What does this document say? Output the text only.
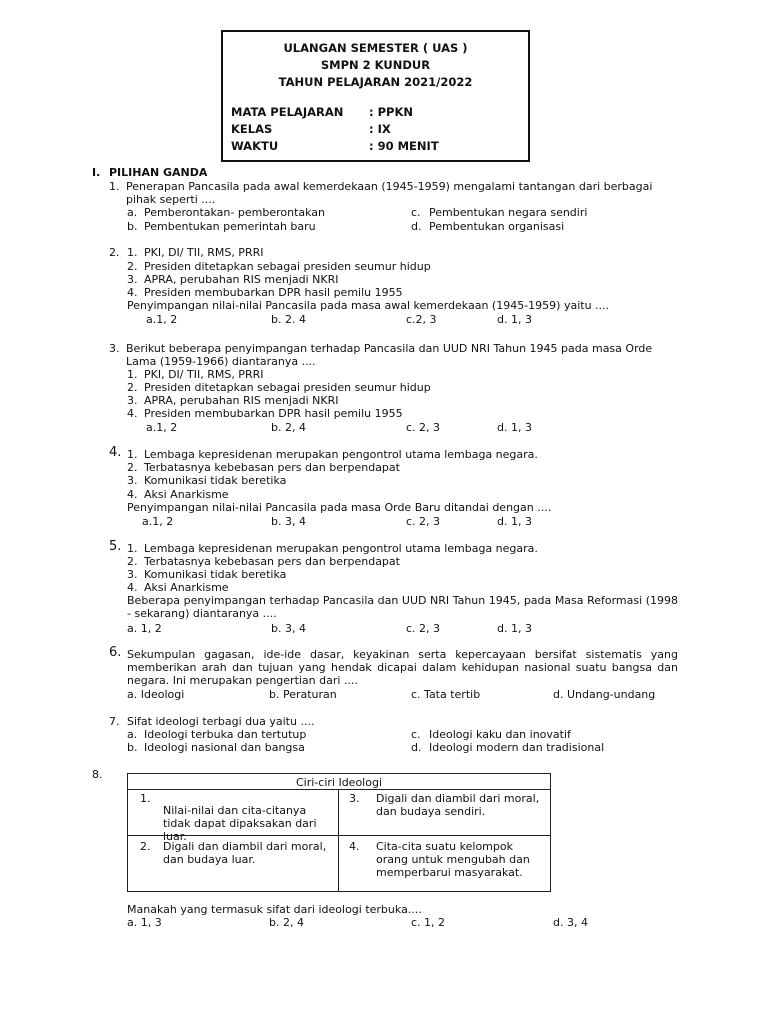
ULANGAN SEMESTER ( UAS )
SMPN 2 KUNDUR
TAHUN PELAJARAN 2021/2022
MATA PELAJARAN : PPKN
KELAS	: IX
WAKTU	: 90 MENIT
I. PILIHAN GANDA
1. Penerapan Pancasila pada awal kemerdekaan (1945-1959) mengalami tantangan dari berbagai pihak seperti ....
a. Pemberontakan- pemberontakan
b. Pembentukan pemerintah baru
c. Pembentukan negara sendiri
d. Pembentukan organisasi
2. 1. PKI, DI/ TII, RMS, PRRI
2. Presiden ditetapkan sebagai presiden seumur hidup
3. APRA, perubahan RIS menjadi NKRI
4. Presiden membubarkan DPR hasil pemilu 1955
Penyimpangan nilai-nilai Pancasila pada masa awal kemerdekaan (1945-1959) yaitu ....
a.1, 2	b. 2. 4	c.2, 3	d. 1, 3
3. Berikut beberapa penyimpangan terhadap Pancasila dan UUD NRI Tahun 1945 pada masa Orde Lama (1959-1966) diantaranya ....
1. PKI, DI/ TII, RMS, PRRI
2. Presiden ditetapkan sebagai presiden seumur hidup
3. APRA, perubahan RIS menjadi NKRI
4. Presiden membubarkan DPR hasil pemilu 1955
a.1, 2	b. 2, 4	c. 2, 3	d. 1, 3
4. 1. Lembaga kepresidenan merupakan pengontrol utama lembaga negara.
2. Terbatasnya kebebasan pers dan berpendapat
3. Komunikasi tidak beretika
4. Aksi Anarkisme
Penyimpangan nilai-nilai Pancasila pada masa Orde Baru ditandai dengan ....
a.1, 2	b. 3, 4	c. 2, 3	d. 1, 3
5. 1. Lembaga kepresidenan merupakan pengontrol utama lembaga negara.
2. Terbatasnya kebebasan pers dan berpendapat
3. Komunikasi tidak beretika
4. Aksi Anarkisme
Beberapa penyimpangan terhadap Pancasila dan UUD NRI Tahun 1945, pada Masa Reformasi (1998 - sekarang) diantaranya ....
a. 1, 2	b. 3, 4	c. 2, 3	d. 1, 3
6. Sekumpulan gagasan, ide-ide dasar, keyakinan serta kepercayaan bersifat sistematis yang memberikan arah dan tujuan yang hendak dicapai dalam kehidupan nasional suatu bangsa dan negara. Ini merupakan pengertian dari ....
a. Ideologi	b. Peraturan	c. Tata tertib	d. Undang-undang
7. Sifat ideologi terbagi dua yaitu ....
a. Ideologi terbuka dan tertutup
b. Ideologi nasional dan bangsa
c. Ideologi kaku dan inovatif
d. Ideologi modern dan tradisional
8.
Ciri-ciri Ideologi	

1.
Nilai-nilai dan cita-citanya tidak dapat dipaksakan dari luar.	3. Digali dan diambil dari moral, dan budaya sendiri.

2. Digali dan diambil dari moral, dan budaya luar.	4. Cita-cita suatu kelompok orang untuk mengubah dan memperbarui masyarakat.
Manakah yang termasuk sifat dari ideologi terbuka....
a. 1, 3	b. 2, 4	c. 1, 2	d. 3, 4
